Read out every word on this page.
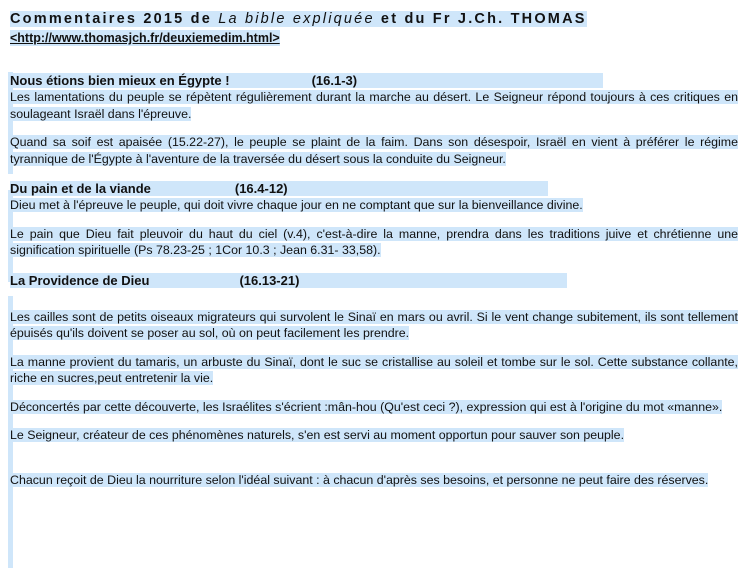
Commentaires 2015 de La bible expliquée et du Fr J.Ch. THOMAS
<http://www.thomasjch.fr/deuxiemedim.html>
Nous étions bien mieux en Égypte !	(16.1-3)

Les lamentations du peuple se répètent régulièrement durant la marche au désert. Le Seigneur répond toujours à ces critiques en soulageant Israël dans l'épreuve.

Quand sa soif est apaisée (15.22-27), le peuple se plaint de la faim. Dans son désespoir, Israël en vient à préférer le régime tyrannique de l'Égypte à l'aventure de la traversée du désert sous la conduite du Seigneur.

Du pain et de la viande	(16.4-12)

Dieu met à l'épreuve le peuple, qui doit vivre chaque jour en ne comptant que sur la bienveillance divine.

Le pain que Dieu fait pleuvoir du haut du ciel (v.4), c'est-à-dire la manne, prendra dans les traditions juive et chrétienne une signification spirituelle (Ps 78.23-25 ; 1Cor 10.3 ; Jean 6.31- 33,58).

La Providence de Dieu	(16.13-21)

Les cailles sont de petits oiseaux migrateurs qui survolent le Sinaï en mars ou avril. Si le vent change subitement, ils sont tellement épuisés qu'ils doivent se poser au sol, où on peut facilement les prendre.

La manne provient du tamaris, un arbuste du Sinaï, dont le suc se cristallise au soleil et tombe sur le sol. Cette substance collante, riche en sucres,peut entretenir la vie.

Déconcertés par cette découverte, les Israélites s'écrient :mân-hou (Qu'est ceci ?), expression qui est à l'origine du mot «manne».

Le Seigneur, créateur de ces phénomènes naturels, s'en est servi au moment opportun pour sauver son peuple.

Chacun reçoit de Dieu la nourriture selon l'idéal suivant : à chacun d'après ses besoins, et personne ne peut faire des réserves.
